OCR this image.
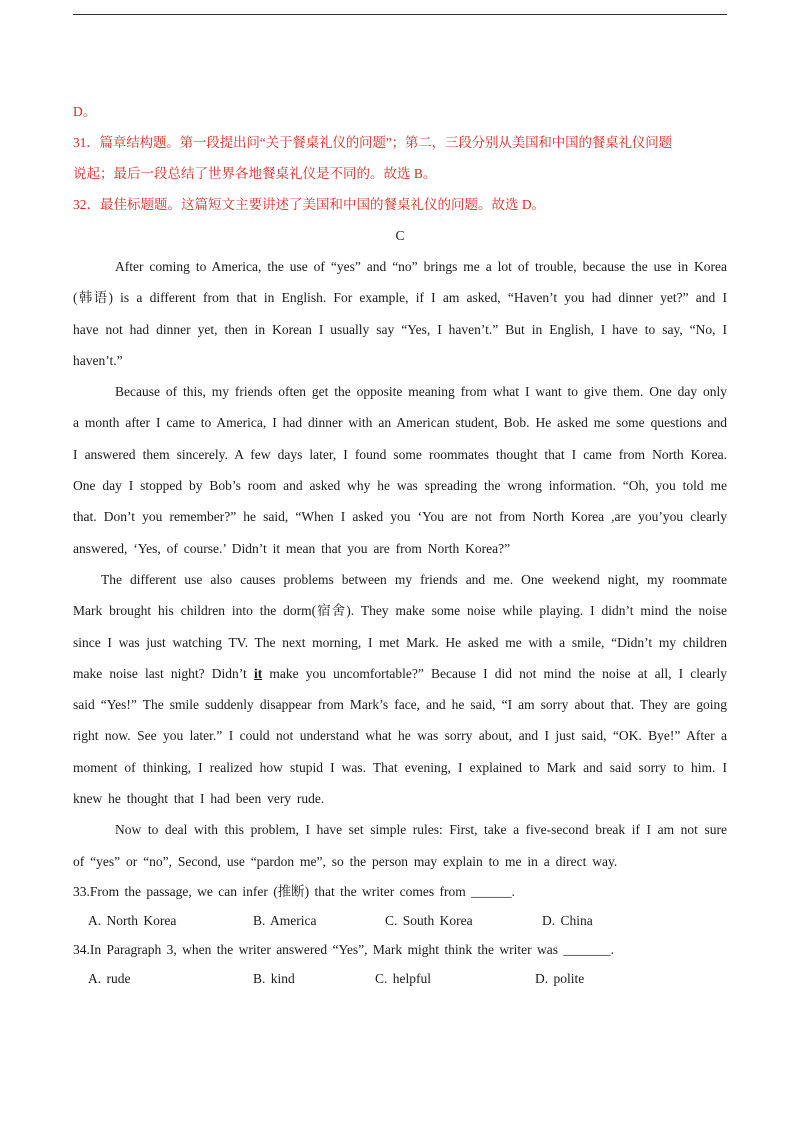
D。

31．篇章结构题。第一段提出问“关于餐桌礼仪的问题”；第二，三段分别从美国和中国的餐桌礼仪问题

说起；最后一段总结了世界各地餐桌礼仪是不同的。故选 B。

32．最佳标题题。这篇短文主要讲述了美国和中国的餐桌礼仪的问题。故选 D。

C

After coming to America, the use of “yes” and “no” brings me a lot of trouble, because the use in Korea (韩语) is a different from that in English. For example, if I am asked, “Haven’t you had dinner yet?” and I have not had dinner yet, then in Korean I usually say “Yes, I haven’t.” But in English, I have to say, “No, I haven’t.”

Because of this, my friends often get the opposite meaning from what I want to give them. One day only a month after I came to America, I had dinner with an American student, Bob. He asked me some questions and I answered them sincerely. A few days later, I found some roommates thought that I came from North Korea. One day I stopped by Bob’s room and asked why he was spreading the wrong information. “Oh, you told me that. Don’t you remember?” he said, “When I asked you ‘You are not from North Korea ,are you’you clearly answered, ‘Yes, of course.’ Didn’t it mean that you are from North Korea?”

The different use also causes problems between my friends and me. One weekend night, my roommate Mark brought his children into the dorm(宿舍). They make some noise while playing. I didn’t mind the noise since I was just watching TV. The next morning, I met Mark. He asked me with a smile, “Didn’t my children make noise last night? Didn’t it make you uncomfortable?” Because I did not mind the noise at all, I clearly said “Yes!” The smile suddenly disappear from Mark’s face, and he said, “I am sorry about that. They are going right now. See you later.” I could not understand what he was sorry about, and I just said, “OK. Bye!” After a moment of thinking, I realized how stupid I was. That evening, I explained to Mark and said sorry to him. I knew he thought that I had been very rude.

Now to deal with this problem, I have set simple rules: First, take a five-second break if I am not sure of “yes” or “no”, Second, use “pardon me”, so the person may explain to me in a direct way.

33.From the passage, we can infer (推断) that the writer comes from ______.

A. North Korea	B. America	C. South Korea	D. China

34.In Paragraph 3, when the writer answered “Yes”, Mark might think the writer was _______.

A. rude	B. kind	C. helpful	D. polite
